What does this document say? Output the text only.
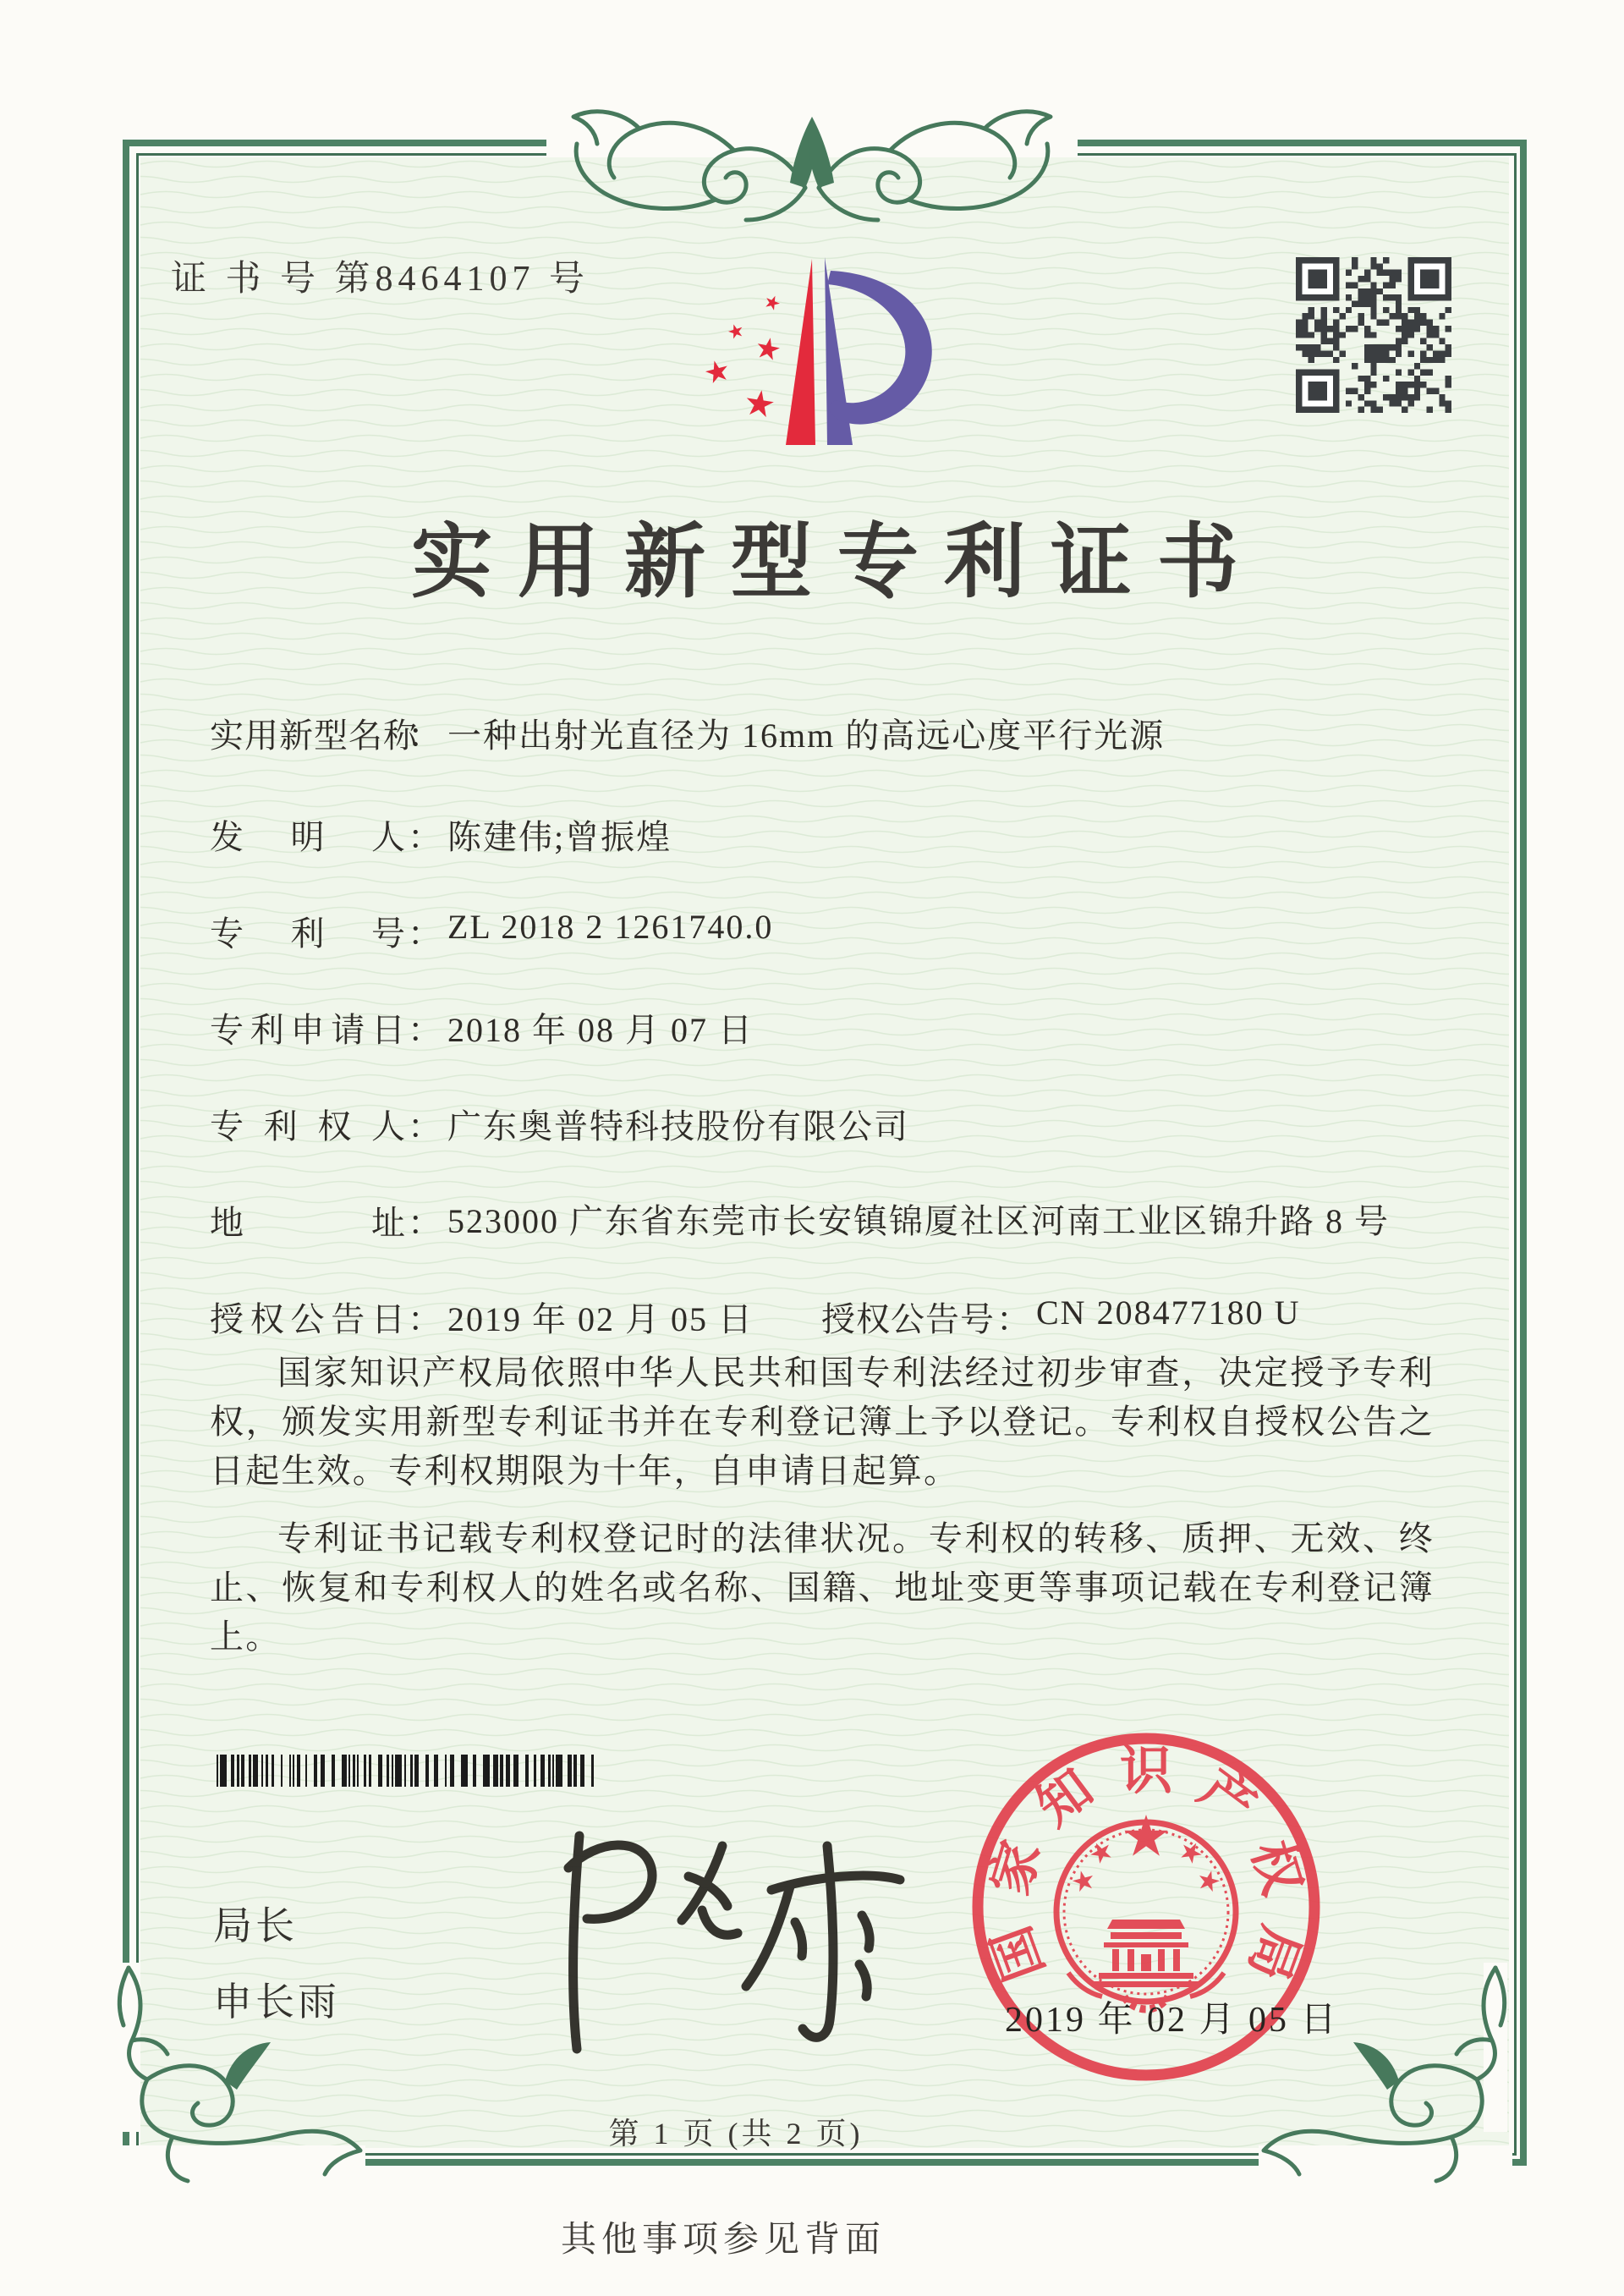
证 书 号 第8464107 号
实用新型专利证书
实用新型名称： 一种出射光直径为 16mm 的高远心度平行光源
发明人： 陈建伟;曾振煌
专利号： ZL 2018 2 1261740.0
专利申请日： 2018 年 08 月 07 日
专利权人： 广东奥普特科技股份有限公司
地址： 523000 广东省东莞市长安镇锦厦社区河南工业区锦升路 8 号
授权公告日： 2019 年 02 月 05 日 授权公告号： CN 208477180 U

国家知识产权局依照中华人民共和国专利法经过初步审查，决定授予专利权，颁发实用新型专利证书并在专利登记簿上予以登记。专利权自授权公告之日起生效。专利权期限为十年，自申请日起算。

专利证书记载专利权登记时的法律状况。专利权的转移、质押、无效、终止、恢复和专利权人的姓名或名称、国籍、地址变更等事项记载在专利登记簿上。

局长
申长雨
国
家
知 识 产
权
局
2019 年 02 月 05 日
第 1 页 (共 2 页)
其他事项参见背面
